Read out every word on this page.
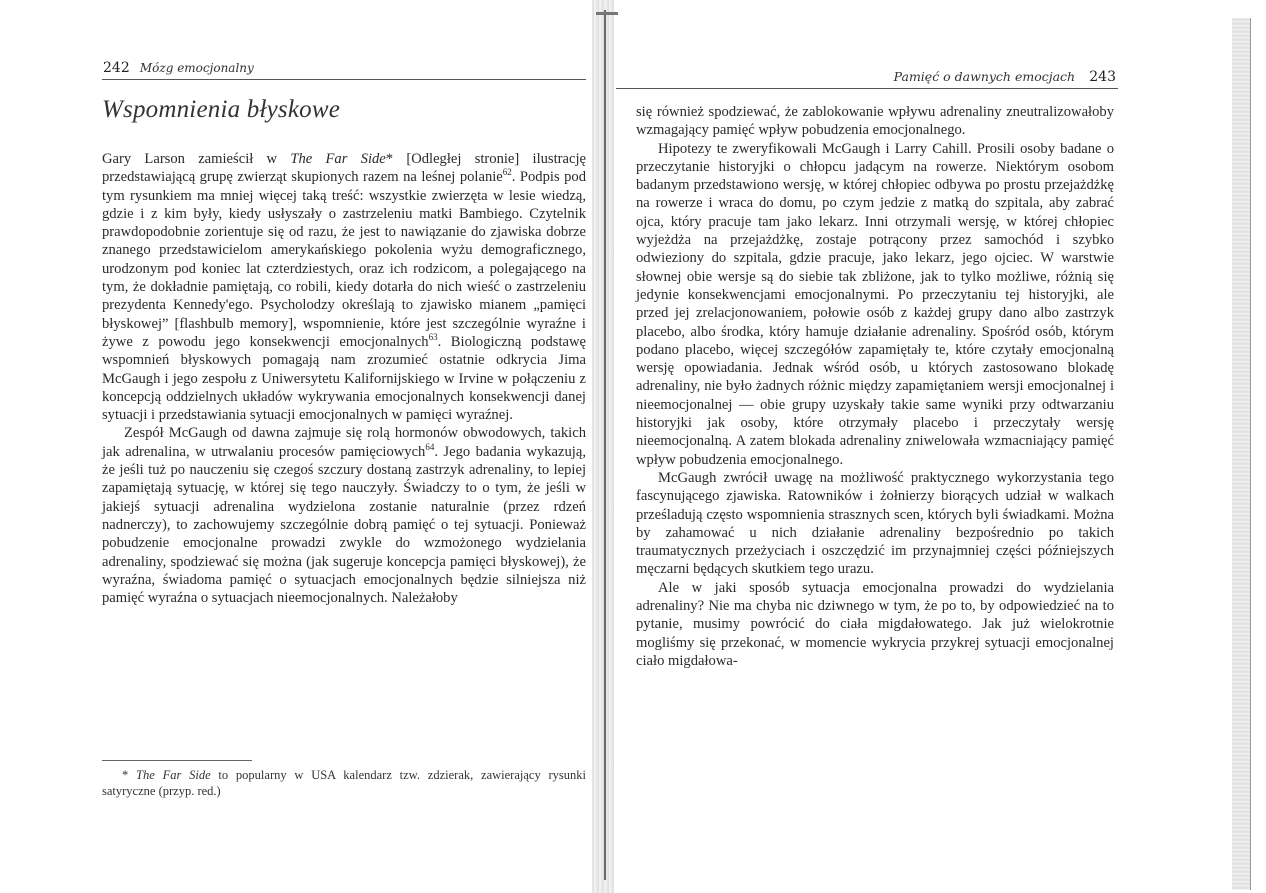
242 Mózg emocjonalny
Wspomnienia błyskowe

Gary Larson zamieścił w The Far Side* [Odległej stronie] ilustrację przedstawiającą grupę zwierząt skupionych razem na leśnej polanie$^{62}$. Podpis pod tym rysunkiem ma mniej więcej taką treść: wszystkie zwierzęta w lesie wiedzą, gdzie i z kim były, kiedy usłyszały o zastrzeleniu matki Bambiego. Czytelnik prawdopodobnie zorientuje się od razu, że jest to nawiązanie do zjawiska dobrze znanego przedstawicielom amerykańskiego pokolenia wyżu demograficznego, urodzonym pod koniec lat czterdziestych, oraz ich rodzicom, a polegającego na tym, że dokładnie pamiętają, co robili, kiedy dotarła do nich wieść o zastrzeleniu prezydenta Kennedy'ego. Psycholodzy określają to zjawisko mianem „pamięci błyskowej” [flashbulb memory], wspomnienie, które jest szczególnie wyraźne i żywe z powodu jego konsekwencji emocjonalnych$^{63}$. Biologiczną podstawę wspomnień błyskowych pomagają nam zrozumieć ostatnie odkrycia Jima McGaugh i jego zespołu z Uniwersytetu Kalifornijskiego w Irvine w połączeniu z koncepcją oddzielnych układów wykrywania emocjonalnych konsekwencji danej sytuacji i przedstawiania sytuacji emocjonalnych w pamięci wyraźnej.

Zespół McGaugh od dawna zajmuje się rolą hormonów obwodowych, takich jak adrenalina, w utrwalaniu procesów pamięciowych$^{64}$. Jego badania wykazują, że jeśli tuż po nauczeniu się czegoś szczury dostaną zastrzyk adrenaliny, to lepiej zapamiętają sytuację, w której się tego nauczyły. Świadczy to o tym, że jeśli w jakiejś sytuacji adrenalina wydzielona zostanie naturalnie (przez rdzeń nadnerczy), to zachowujemy szczególnie dobrą pamięć o tej sytuacji. Ponieważ pobudzenie emocjonalne prowadzi zwykle do wzmożonego wydzielania adrenaliny, spodziewać się można (jak sugeruje koncepcja pamięci błyskowej), że wyraźna, świadoma pamięć o sytuacjach emocjonalnych będzie silniejsza niż pamięć wyraźna o sytuacjach nieemocjonalnych. Należałoby

* The Far Side to popularny w USA kalendarz tzw. zdzierak, zawierający rysunki satyryczne (przyp. red.)

Pamięć o dawnych emocjach 243

się również spodziewać, że zablokowanie wpływu adrenaliny zneutralizowałoby wzmagający pamięć wpływ pobudzenia emocjonalnego.

Hipotezy te zweryfikowali McGaugh i Larry Cahill. Prosili osoby badane o przeczytanie historyjki o chłopcu jadącym na rowerze. Niektórym osobom badanym przedstawiono wersję, w której chłopiec odbywa po prostu przejażdżkę na rowerze i wraca do domu, po czym jedzie z matką do szpitala, aby zabrać ojca, który pracuje tam jako lekarz. Inni otrzymali wersję, w której chłopiec wyjeżdża na przejażdżkę, zostaje potrącony przez samochód i szybko odwieziony do szpitala, gdzie pracuje, jako lekarz, jego ojciec. W warstwie słownej obie wersje są do siebie tak zbliżone, jak to tylko możliwe, różnią się jedynie konsekwencjami emocjonalnymi. Po przeczytaniu tej historyjki, ale przed jej zrelacjonowaniem, połowie osób z każdej grupy dano albo zastrzyk placebo, albo środka, który hamuje działanie adrenaliny. Spośród osób, którym podano placebo, więcej szczegółów zapamiętały te, które czytały emocjonalną wersję opowiadania. Jednak wśród osób, u których zastosowano blokadę adrenaliny, nie było żadnych różnic między zapamiętaniem wersji emocjonalnej i nieemocjonalnej — obie grupy uzyskały takie same wyniki przy odtwarzaniu historyjki jak osoby, które otrzymały placebo i przeczytały wersję nieemocjonalną. A zatem blokada adrenaliny zniwelowała wzmacniający pamięć wpływ pobudzenia emocjonalnego.

McGaugh zwrócił uwagę na możliwość praktycznego wykorzystania tego fascynującego zjawiska. Ratowników i żołnierzy biorących udział w walkach prześladują często wspomnienia strasznych scen, których byli świadkami. Można by zahamować u nich działanie adrenaliny bezpośrednio po takich traumatycznych przeżyciach i oszczędzić im przynajmniej części późniejszych męczarni będących skutkiem tego urazu.

Ale w jaki sposób sytuacja emocjonalna prowadzi do wydzielania adrenaliny? Nie ma chyba nic dziwnego w tym, że po to, by odpowiedzieć na to pytanie, musimy powrócić do ciała migdałowatego. Jak już wielokrotnie mogliśmy się przekonać, w momencie wykrycia przykrej sytuacji emocjonalnej ciało migdałowa-
